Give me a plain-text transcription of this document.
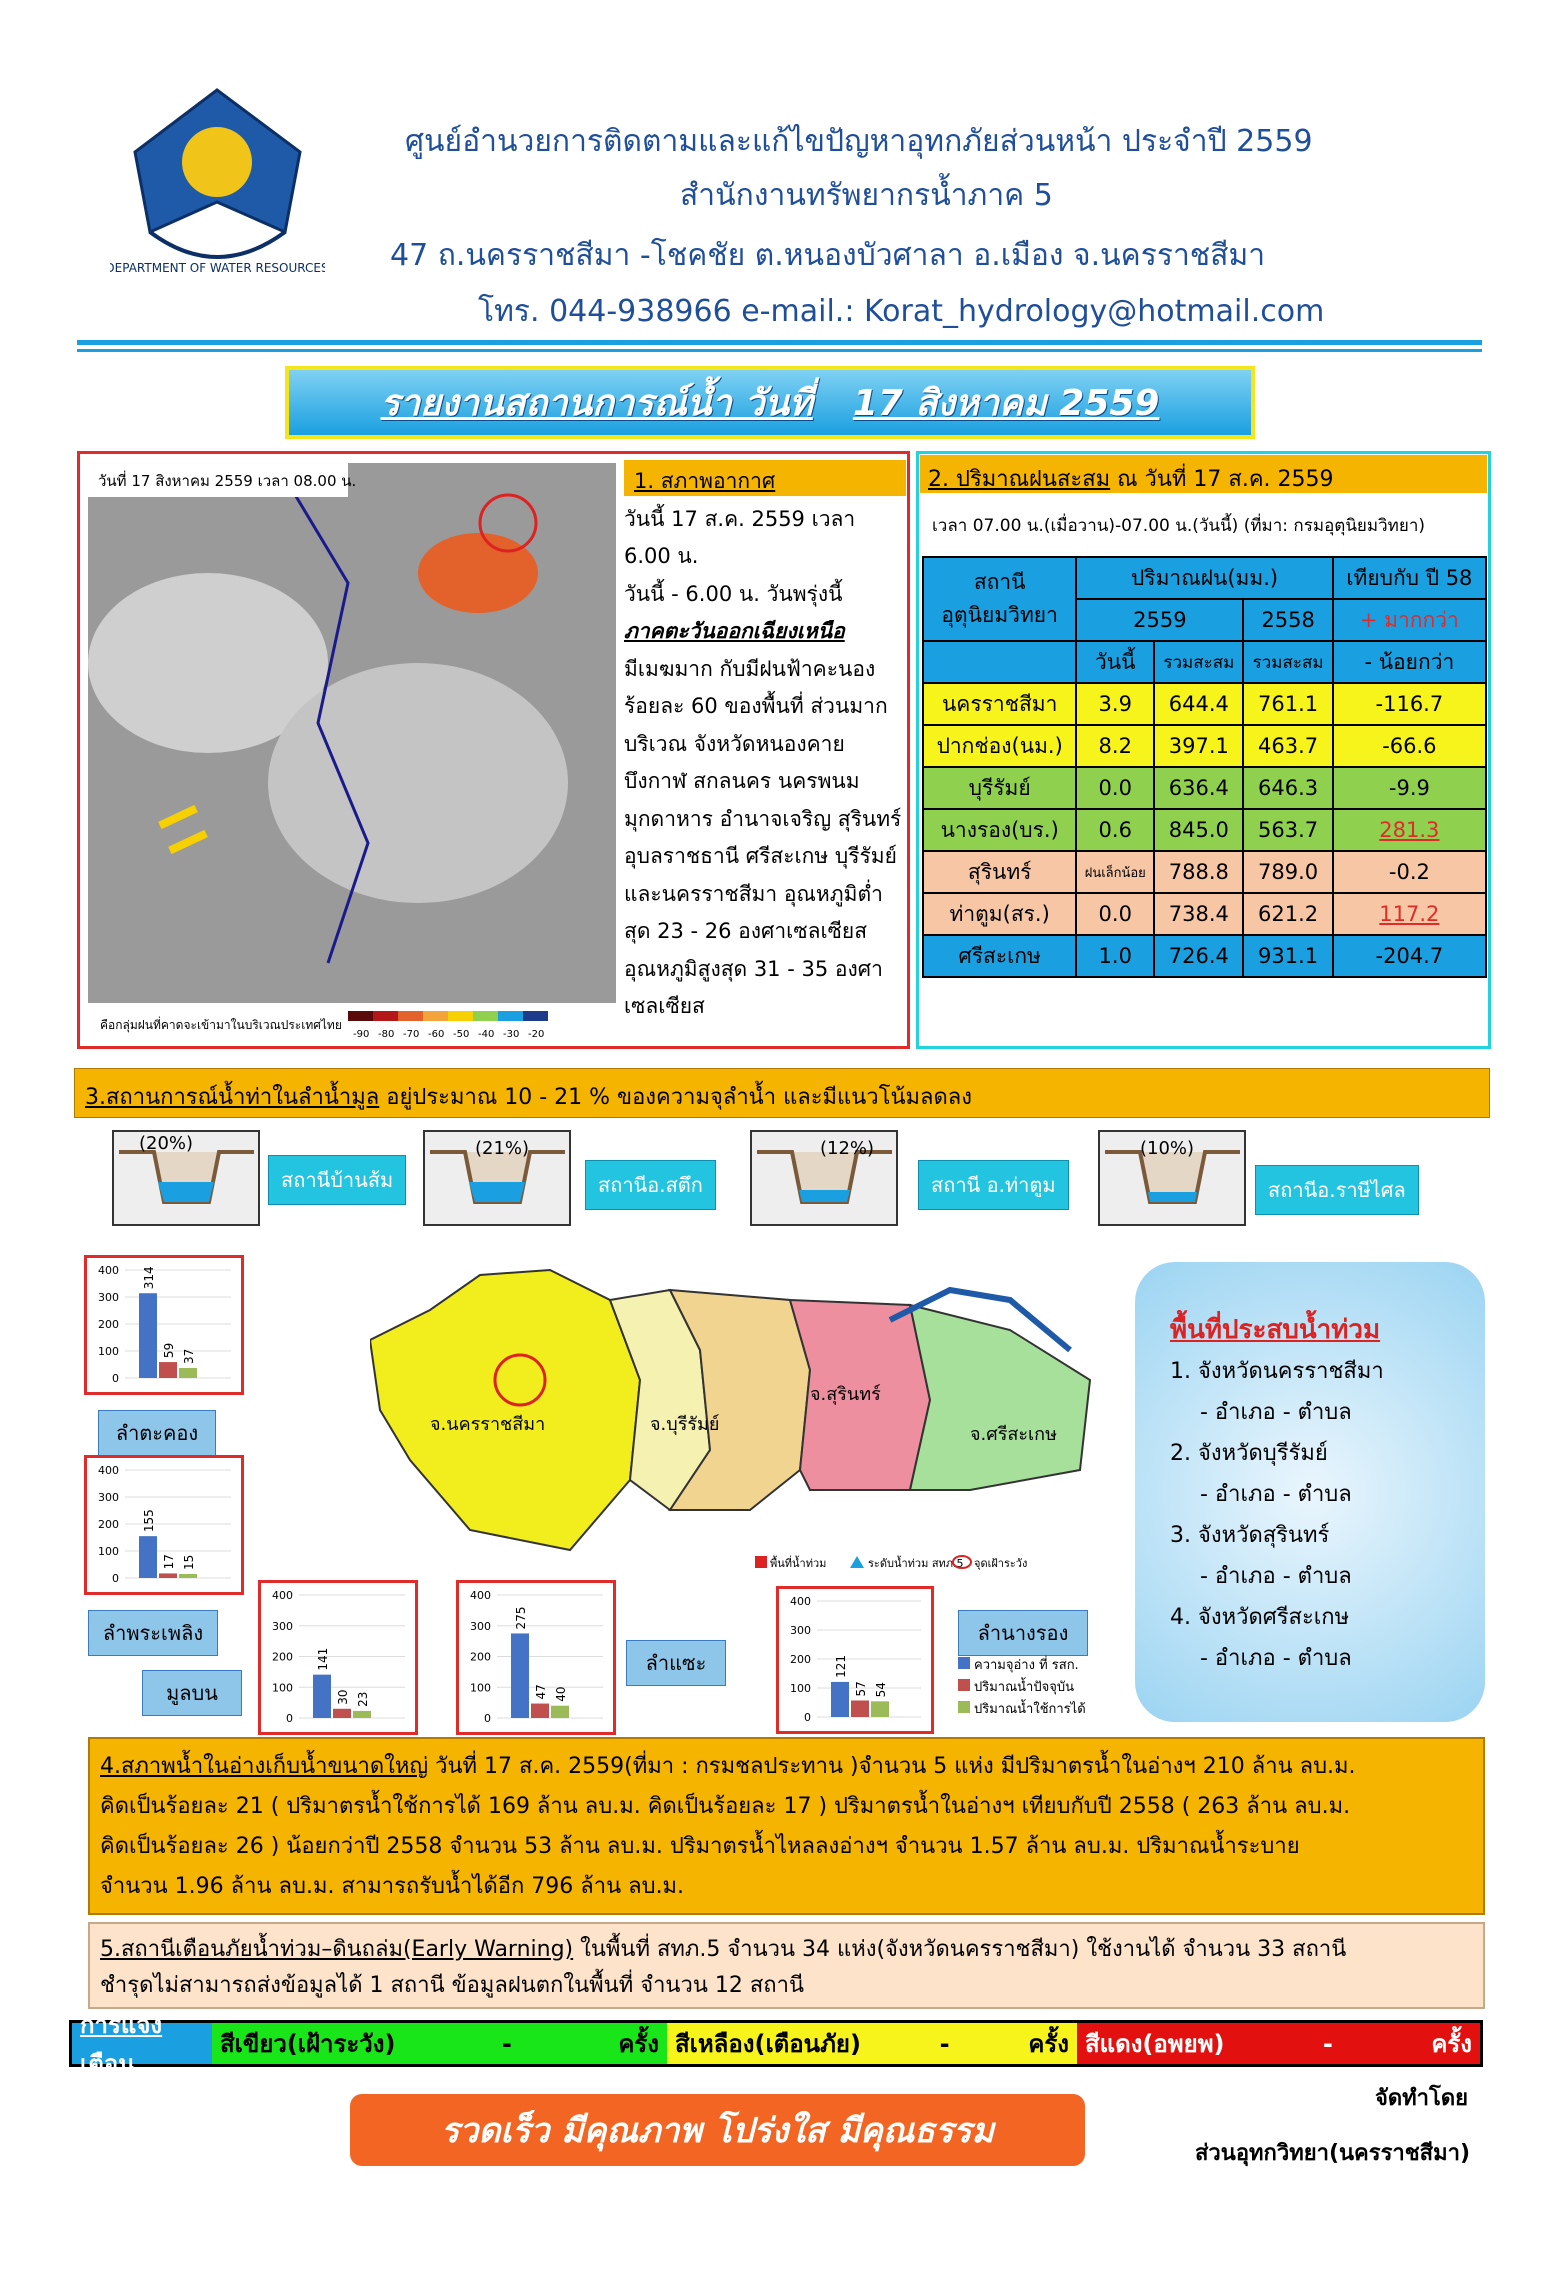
DEPARTMENT OF WATER RESOURCES
กรมทรัพยากรน้ำ
ศูนย์อำนวยการติดตามและแก้ไขปัญหาอุทกภัยส่วนหน้า ประจำปี 2559
สำนักงานทรัพยากรน้ำภาค 5
47 ถ.นครราชสีมา -โชคชัย ต.หนองบัวศาลา อ.เมือง จ.นครราชสีมา
โทร. 044-938966 e-mail.: Korat_hydrology@hotmail.com
รายงานสถานการณ์น้ำ วันที่ 17 สิงหาคม 2559
วันที่ 17 สิงหาคม 2559 เวลา 08.00 น.
คือกลุ่มฝนที่คาดจะเข้ามาในบริเวณประเทศไทย
-90 -80 -70 -60 -50 -40 -30 -20
1. สภาพอากาศ
วันนี้ 17 ส.ค. 2559 เวลา 6.00 น.
วันนี้ - 6.00 น. วันพรุ่งนี้
ภาคตะวันออกเฉียงเหนือ
มีเมฆมาก กับมีฝนฟ้าคะนอง
ร้อยละ 60 ของพื้นที่ ส่วนมาก
บริเวณ จังหวัดหนองคาย
บึงกาฬ สกลนคร นครพนม
มุกดาหาร อำนาจเจริญ สุรินทร์
อุบลราชธานี ศรีสะเกษ บุรีรัมย์
และนครราชสีมา อุณหภูมิต่ำ
สุด 23 - 26 องศาเซลเซียส
อุณหภูมิสูงสุด 31 - 35 องศา
เซลเซียส
2. ปริมาณฝนสะสม ณ วันที่ 17 ส.ค. 2559
เวลา 07.00 น.(เมื่อวาน)-07.00 น.(วันนี้) (ที่มา: กรมอุตุนิยมวิทยา)
สถานี
อุตุนิยมวิทยา	ปริมาณฝน(มม.)			เทียบกับ ปี 58
	2559		2558	+ มากกว่า
	วันนี้	รวมสะสม	รวมสะสม	- น้อยกว่า
นครราชสีมา	3.9	644.4	761.1	-116.7
ปากช่อง(นม.)	8.2	397.1	463.7	-66.6
บุรีรัมย์	0.0	636.4	646.3	-9.9
นางรอง(บร.)	0.6	845.0	563.7	281.3
สุรินทร์	ฝนเล็กน้อย	788.8	789.0	-0.2
ท่าตูม(สร.)	0.0	738.4	621.2	117.2
ศรีสะเกษ	1.0	726.4	931.1	-204.7
3.สถานการณ์น้ำท่าในลำน้ำมูล อยู่ประมาณ 10 - 21 % ของความจุลำน้ำ และมีแนวโน้มลดลง
(20%)
สถานีบ้านส้ม
(21%)
สถานีอ.สตึก
(12%)
สถานี อ.ท่าตูม
(10%)
สถานีอ.ราษีไศล
จ.นครราชสีมา	จ.บุรีรัมย์
จ.สุรินทร์
จ.ศรีสะเกษ
พื้นที่น้ำท่วม	ระดับน้ำท่วม สทภ.5 จุดเฝ้าระวัง
พื้นที่ประสบน้ำท่วม
1. จังหวัดนครราชสีมา
- อำเภอ - ตำบล
2. จังหวัดบุรีรัมย์
- อำเภอ - ตำบล
3. จังหวัดสุรินทร์
- อำเภอ - ตำบล
4. จังหวัดศรีสะเกษ
- อำเภอ - ตำบล
0
100
200
300
400 314
59 37
ลำตะคอง
0
100
200
300
400
155
17 15
ลำพระเพลิง
0
100
200
300
400
141
30 23
มูลบน
0
100
200
300
400
275
47 40
ลำแซะ
0
100
200
300
400
121
57 54
ลำนางรอง
ความจุอ่าง ที่ รสก.
ปริมาณน้ำปัจจุบัน
ปริมาณน้ำใช้การได้
4.สภาพน้ำในอ่างเก็บน้ำขนาดใหญ่ วันที่ 17 ส.ค. 2559(ที่มา : กรมชลประทาน )จำนวน 5 แห่ง มีปริมาตรน้ำในอ่างฯ 210 ล้าน ลบ.ม.
คิดเป็นร้อยละ 21 ( ปริมาตรน้ำใช้การได้ 169 ล้าน ลบ.ม. คิดเป็นร้อยละ 17 ) ปริมาตรน้ำในอ่างฯ เทียบกับปี 2558 ( 263 ล้าน ลบ.ม.
คิดเป็นร้อยละ 26 ) น้อยกว่าปี 2558 จำนวน 53 ล้าน ลบ.ม. ปริมาตรน้ำไหลลงอ่างฯ จำนวน 1.57 ล้าน ลบ.ม. ปริมาณน้ำระบาย
จำนวน 1.96 ล้าน ลบ.ม. สามารถรับน้ำได้อีก 796 ล้าน ลบ.ม.
5.สถานีเตือนภัยน้ำท่วม–ดินถล่ม(Early Warning) ในพื้นที่ สทภ.5 จำนวน 34 แห่ง(จังหวัดนครราชสีมา) ใช้งานได้ จำนวน 33 สถานี
ชำรุดไม่สามารถส่งข้อมูลได้ 1 สถานี ข้อมูลฝนตกในพื้นที่ จำนวน 12 สถานี
การแจ้งเตือน
สีเขียว(เฝ้าระวัง)	-	ครั้ง สีเหลือง(เตือนภัย)	-	ครั้ง สีแดง(อพยพ)	-	ครั้ง
รวดเร็ว มีคุณภาพ โปร่งใส มีคุณธรรม
จัดทำโดย
ส่วนอุทกวิทยา(นครราชสีมา)
